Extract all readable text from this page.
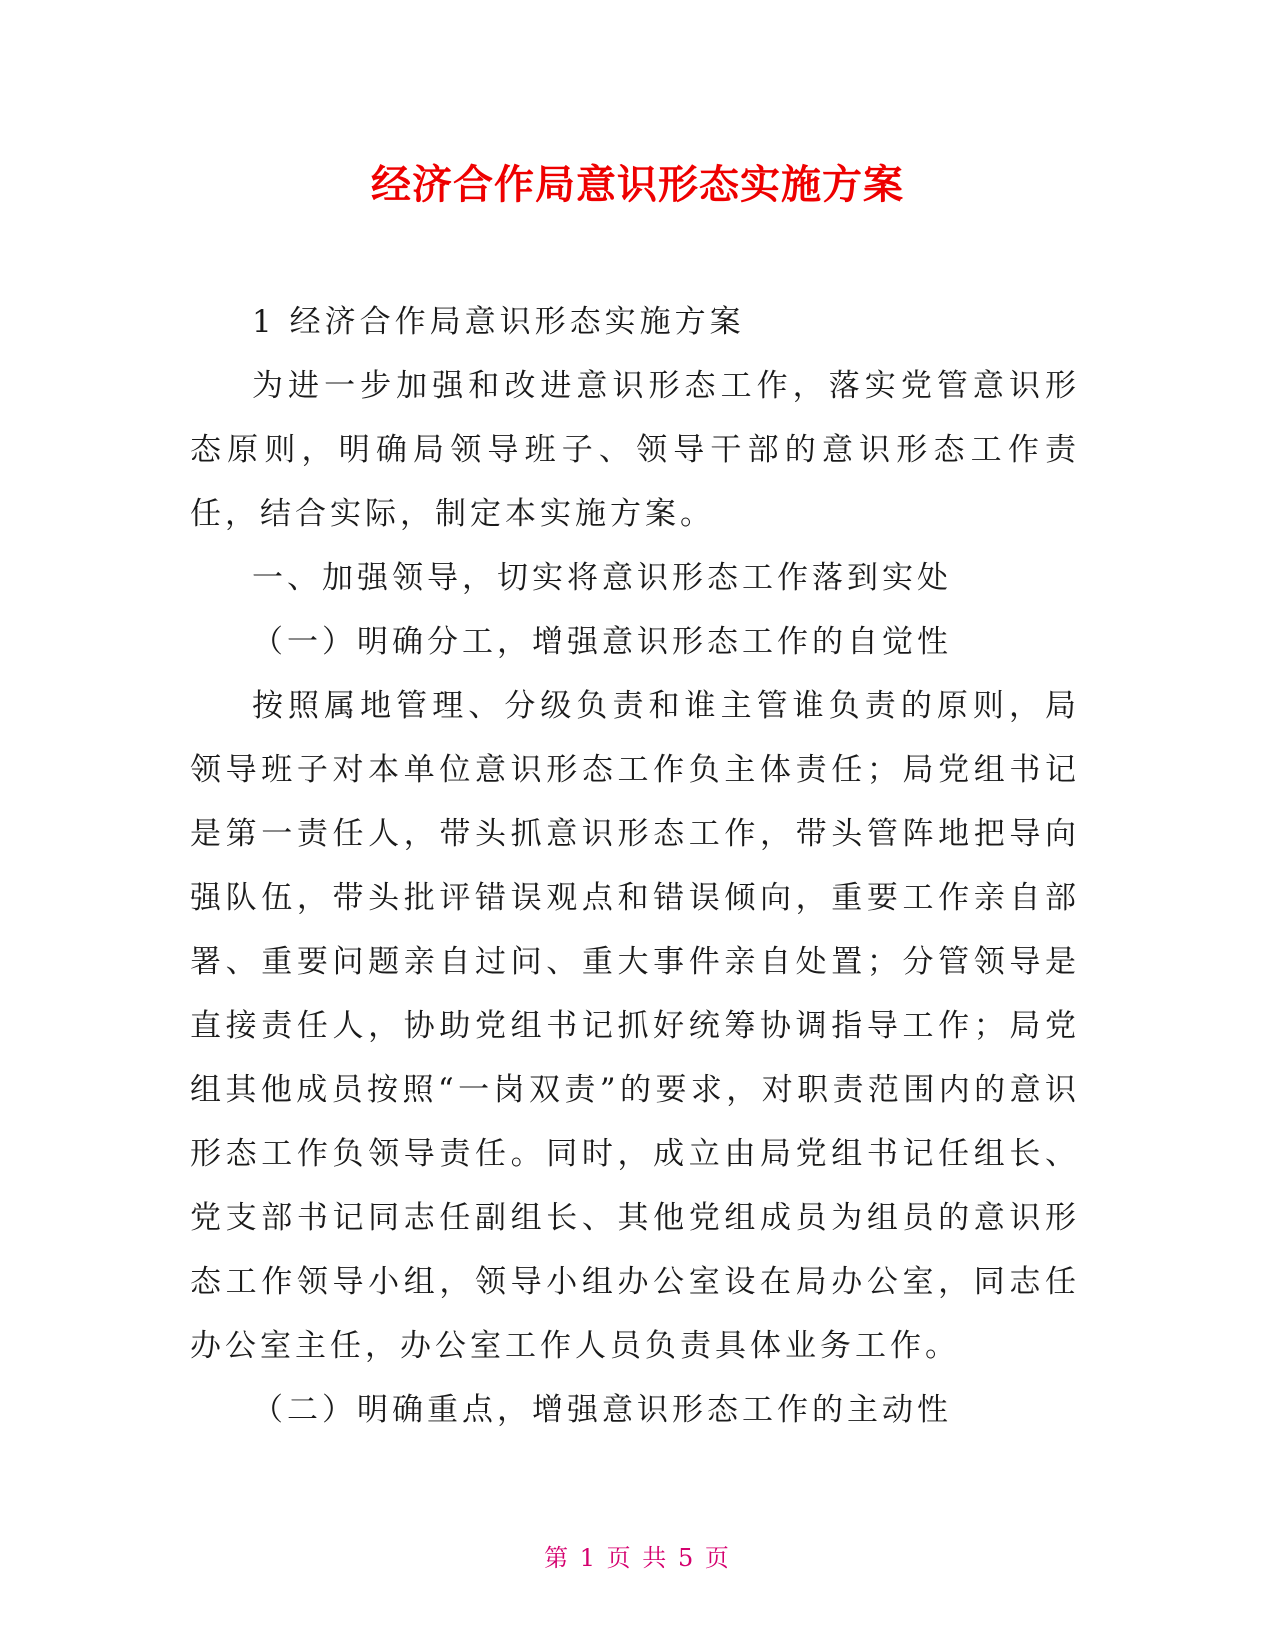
经济合作局意识形态实施方案

1 经济合作局意识形态实施方案

为进一步加强和改进意识形态工作，落实党管意识形态原则，明确局领导班子、领导干部的意识形态工作责任，结合实际，制定本实施方案。

一、加强领导，切实将意识形态工作落到实处

（一）明确分工，增强意识形态工作的自觉性

按照属地管理、分级负责和谁主管谁负责的原则，局领导班子对本单位意识形态工作负主体责任；局党组书记是第一责任人，带头抓意识形态工作，带头管阵地把导向强队伍，带头批评错误观点和错误倾向，重要工作亲自部署、重要问题亲自过问、重大事件亲自处置；分管领导是直接责任人，协助党组书记抓好统筹协调指导工作；局党组其他成员按照“一岗双责”的要求，对职责范围内的意识形态工作负领导责任。同时，成立由局党组书记任组长、党支部书记同志任副组长、其他党组成员为组员的意识形态工作领导小组，领导小组办公室设在局办公室，同志任办公室主任，办公室工作人员负责具体业务工作。

（二）明确重点，增强意识形态工作的主动性

第 1 页 共 5 页
